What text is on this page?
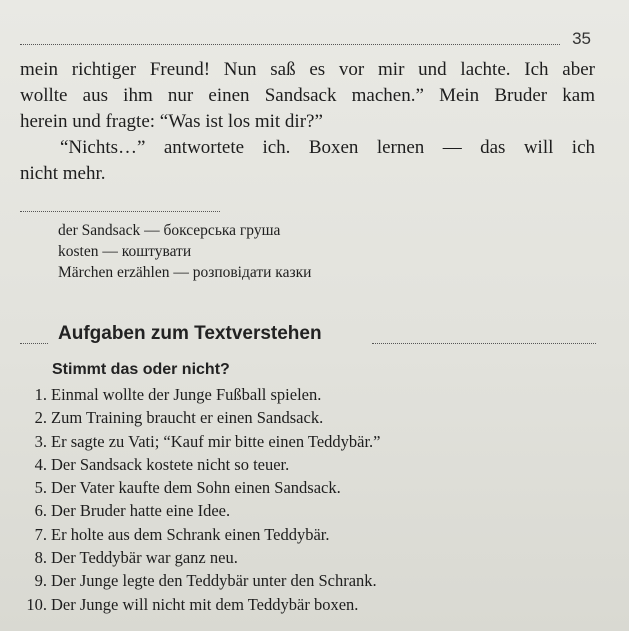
35
mein richtiger Freund! Nun saß es vor mir und lachte. Ich aber
wollte aus ihm nur einen Sandsack machen.” Mein Bruder kam
herein und fragte: “Was ist los mit dir?”
“Nichts…” antwortete ich. Boxen lernen — das will ich
nicht mehr.
der Sandsack — боксерська груша
kosten — коштувати
Märchen erzählen — розповідати казки
Aufgaben zum Textverstehen
Stimmt das oder nicht?
1. Einmal wollte der Junge Fußball spielen.
2. Zum Training braucht er einen Sandsack.
3. Er sagte zu Vati; “Kauf mir bitte einen Teddybär.”
4. Der Sandsack kostete nicht so teuer.
5. Der Vater kaufte dem Sohn einen Sandsack.
6. Der Bruder hatte eine Idee.
7. Er holte aus dem Schrank einen Teddybär.
8. Der Teddybär war ganz neu.
9. Der Junge legte den Teddybär unter den Schrank.
10. Der Junge will nicht mit dem Teddybär boxen.
